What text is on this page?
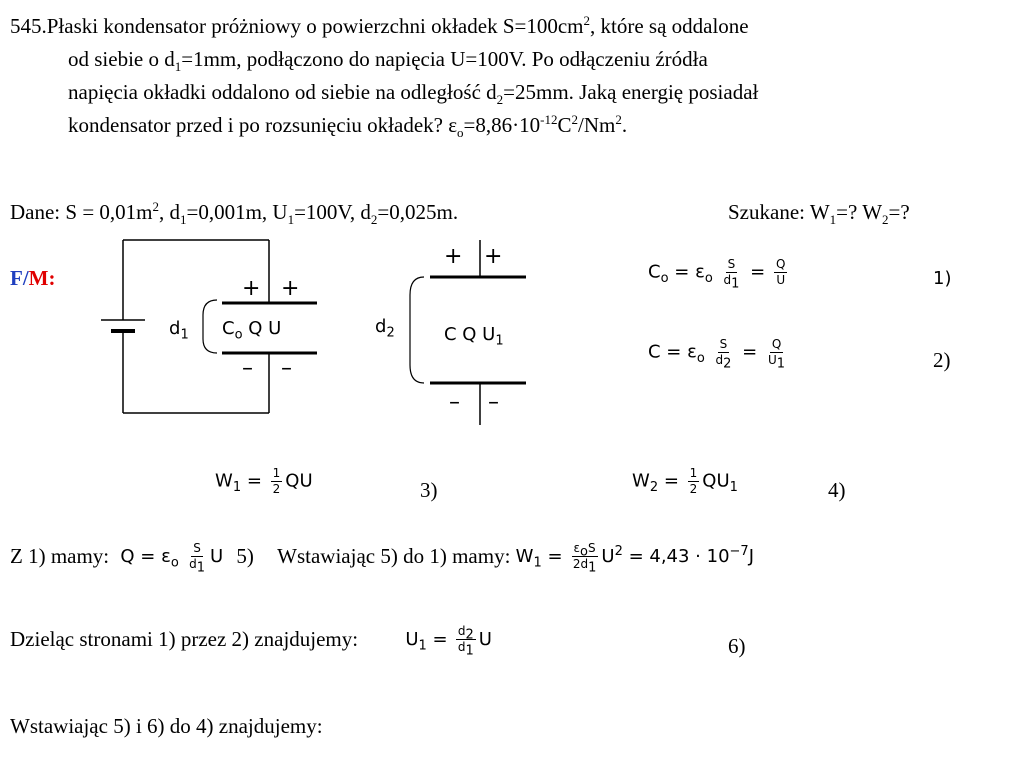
545.Płaski kondensator próżniowy o powierzchni okładek $S=100cm^2$, które są oddalone
od siebie o $d_1=1mm$, podłączono do napięcia U=100V. Po odłączeniu źródła
napięcia okładki oddalono od siebie na odległość $d_2=25mm$. Jaką energię posiadał
kondensator przed i po rozsunięciu okładek? $\varepsilon_o=8,86\cdot 10^{-12}C^2/Nm^2$.
Dane: $S = 0,01m^2$, $d_1=0,001m$, $U_1=100V$, $d_2=0,025m$.	Szukane: $W_1=$? $W_2=$?
F/M:	+ +
– –
$d_1$ $C_o$ Q U
+ +
– –
$d_2$	C Q $U_1$
$C_o = \varepsilon_o \frac{S}{d_1} = \frac{Q}{U}$	1)
$C = \varepsilon_o \frac{S}{d_2} = \frac{Q}{U_1}$	2)
$W_1 = \frac{1}{2}$ QU	3)	$W_2 = \frac{1}{2} QU_1$	4)
Z 1) mamy: $Q = \varepsilon_o \frac{S}{d_1}$ U 5) Wstawiając 5) do 1) mamy: $W_1 = \frac{\varepsilon_oS}{2d_1} U^2 = 4,43 \cdot 10^{-7}J$
Dzieląc stronami 1) przez 2) znajdujemy:	$U_1 = \frac{d_2}{d_1}$ U	6)
Wstawiając 5) i 6) do 4) znajdujemy:
